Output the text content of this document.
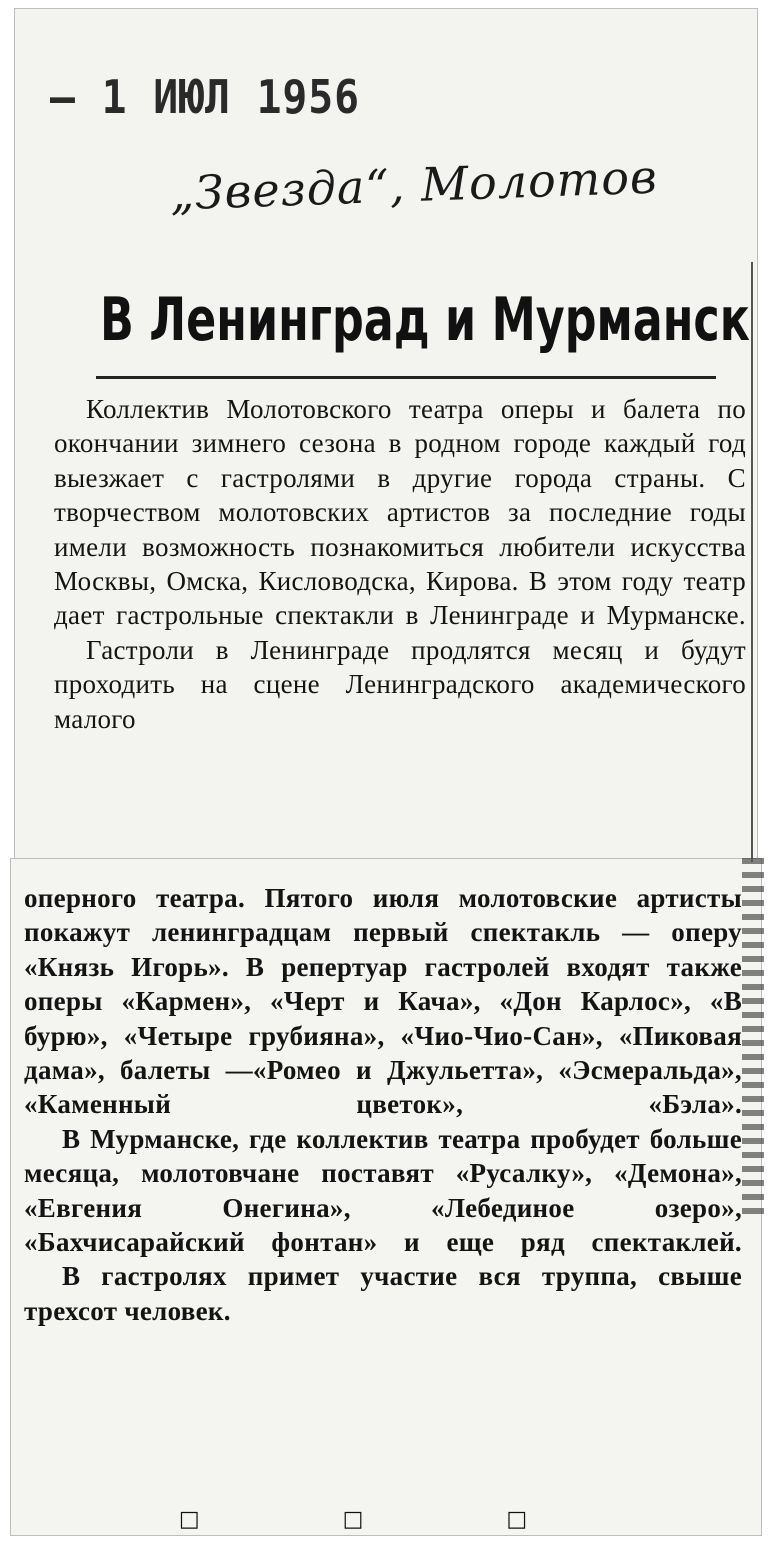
– 1 ИЮЛ 1956

„Звезда“, Молотов

В Ленинград и Мурманск

Коллектив Молотовского театра оперы и балета по окончании зимнего сезона в родном городе каждый год выезжает с гастролями в другие города страны. С творчеством молотовских артистов за последние годы имели возможность познакомиться любители искусства Москвы, Омска, Кисловодска, Кирова. В этом году театр дает гастрольные спектакли в Ленинграде и Мурманске.

Гастроли в Ленинграде продлятся месяц и будут проходить на сцене Ленинградского академического малого

оперного театра. Пятого июля молотовские артисты покажут ленинградцам первый спектакль — оперу «Князь Игорь». В репертуар гастролей входят также оперы «Кармен», «Черт и Кача», «Дон Карлос», «В бурю», «Четыре грубияна», «Чио-Чио-Сан», «Пиковая дама», балеты —«Ромео и Джульетта», «Эсмеральда», «Каменный цветок», «Бэла».

В Мурманске, где коллектив театра пробудет больше месяца, молотовчане поставят «Русалку», «Демона», «Евгения Онегина», «Лебединое озеро», «Бахчисарайский фонтан» и еще ряд спектаклей.

В гастролях примет участие вся труппа, свыше трехсот человек.

□ □ □
